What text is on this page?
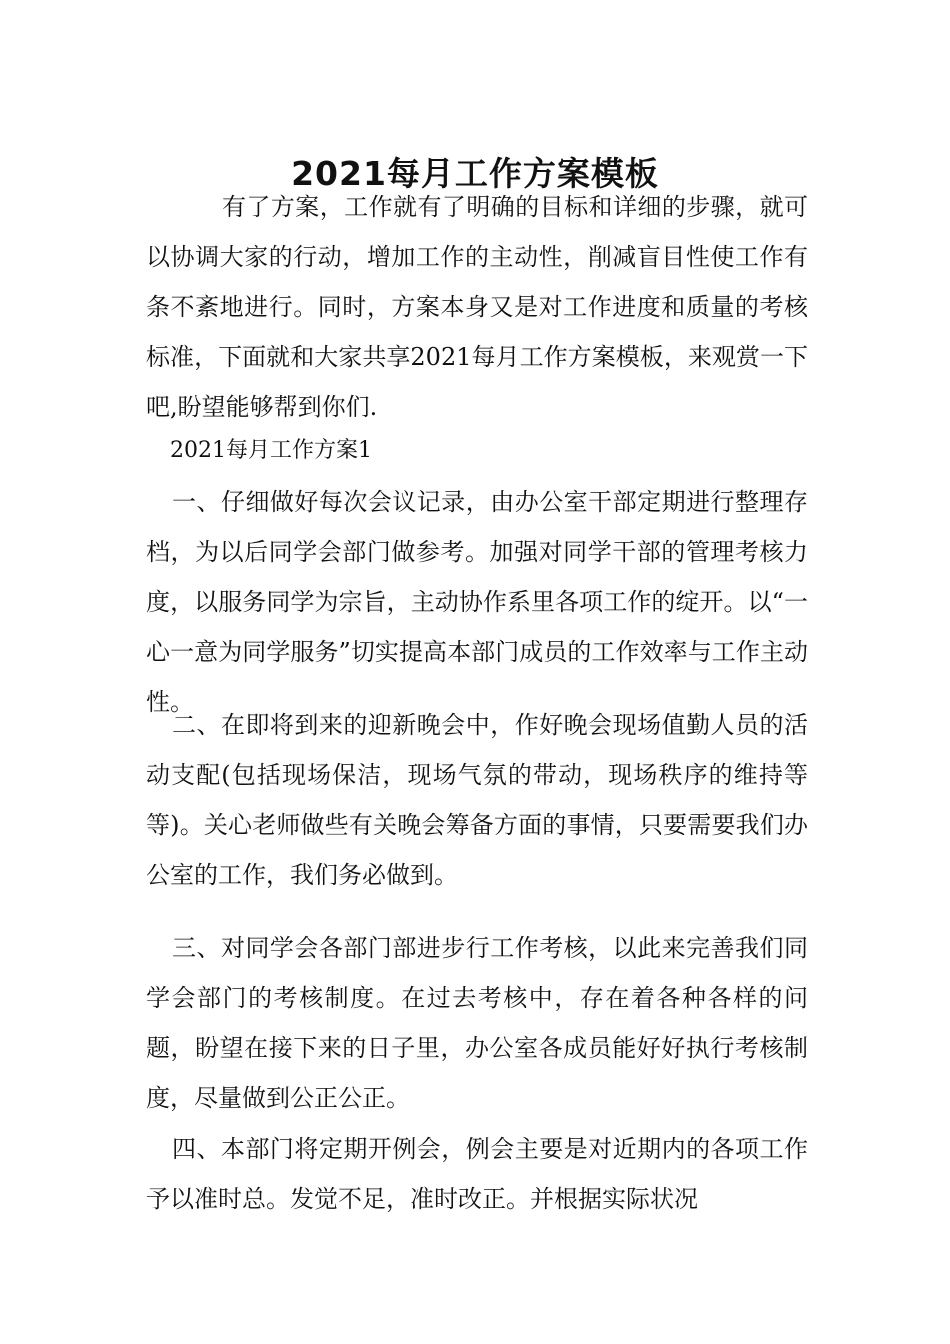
2021每月工作方案模板

有了方案，工作就有了明确的目标和详细的步骤，就可以协调大家的行动，增加工作的主动性，削减盲目性使工作有条不紊地进行。同时，方案本身又是对工作进度和质量的考核标准，下面就和大家共享2021每月工作方案模板，来观赏一下吧,盼望能够帮到你们.

2021每月工作方案1

一、仔细做好每次会议记录，由办公室干部定期进行整理存档，为以后同学会部门做参考。加强对同学干部的管理考核力度，以服务同学为宗旨，主动协作系里各项工作的绽开。以“一心一意为同学服务”切实提高本部门成员的工作效率与工作主动性。

二、在即将到来的迎新晚会中，作好晚会现场值勤人员的活动支配(包括现场保洁，现场气氛的带动，现场秩序的维持等等)。关心老师做些有关晚会筹备方面的事情，只要需要我们办公室的工作，我们务必做到。

三、对同学会各部门部进步行工作考核，以此来完善我们同学会部门的考核制度。在过去考核中，存在着各种各样的问题，盼望在接下来的日子里，办公室各成员能好好执行考核制度，尽量做到公正公正。

四、本部门将定期开例会，例会主要是对近期内的各项工作予以准时总。发觉不足，准时改正。并根据实际状况
